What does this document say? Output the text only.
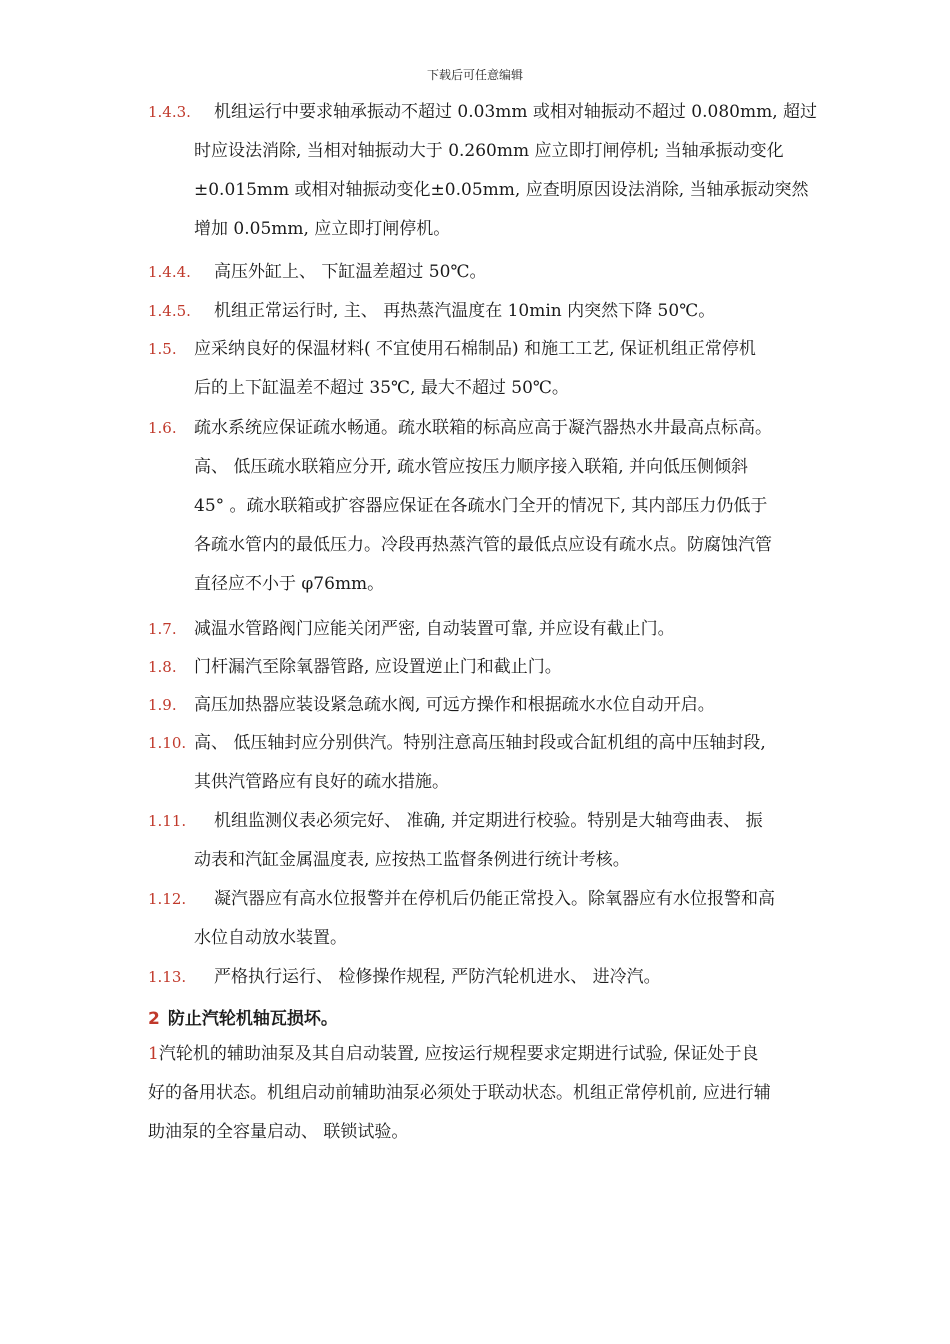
下载后可任意编辑
1.4.3.	机组运行中要求轴承振动不超过 0.03mm 或相对轴振动不超过 0.080mm, 超过
时应设法消除, 当相对轴振动大于 0.260mm 应立即打闸停机; 当轴承振动变化
±0.015mm 或相对轴振动变化±0.05mm, 应查明原因设法消除, 当轴承振动突然
增加 0.05mm, 应立即打闸停机。
1.4.4.	高压外缸上、 下缸温差超过 50℃。
1.4.5.	机组正常运行时, 主、 再热蒸汽温度在 10min 内突然下降 50℃。
1.5.	应采纳良好的保温材料( 不宜使用石棉制品) 和施工工艺, 保证机组正常停机
后的上下缸温差不超过 35℃, 最大不超过 50℃。
1.6.	疏水系统应保证疏水畅通。疏水联箱的标高应高于凝汽器热水井最高点标高。
高、 低压疏水联箱应分开, 疏水管应按压力顺序接入联箱, 并向低压侧倾斜
45° 。疏水联箱或扩容器应保证在各疏水门全开的情况下, 其内部压力仍低于
各疏水管内的最低压力。冷段再热蒸汽管的最低点应设有疏水点。防腐蚀汽管
直径应不小于 φ76mm。
1.7.	减温水管路阀门应能关闭严密, 自动装置可靠, 并应设有截止门。
1.8.	门杆漏汽至除氧器管路, 应设置逆止门和截止门。
1.9.	高压加热器应装设紧急疏水阀, 可远方操作和根据疏水水位自动开启。
1.10. 高、 低压轴封应分别供汽。特别注意高压轴封段或合缸机组的高中压轴封段,
其供汽管路应有良好的疏水措施。
1.11.	机组监测仪表必须完好、 准确, 并定期进行校验。特别是大轴弯曲表、 振
动表和汽缸金属温度表, 应按热工监督条例进行统计考核。
1.12.	凝汽器应有高水位报警并在停机后仍能正常投入。除氧器应有水位报警和高
水位自动放水装置。
1.13.	严格执行运行、 检修操作规程, 严防汽轮机进水、 进冷汽。
2 防止汽轮机轴瓦损坏。
1汽轮机的辅助油泵及其自启动装置, 应按运行规程要求定期进行试验, 保证处于良
好的备用状态。机组启动前辅助油泵必须处于联动状态。机组正常停机前, 应进行辅
助油泵的全容量启动、 联锁试验。
